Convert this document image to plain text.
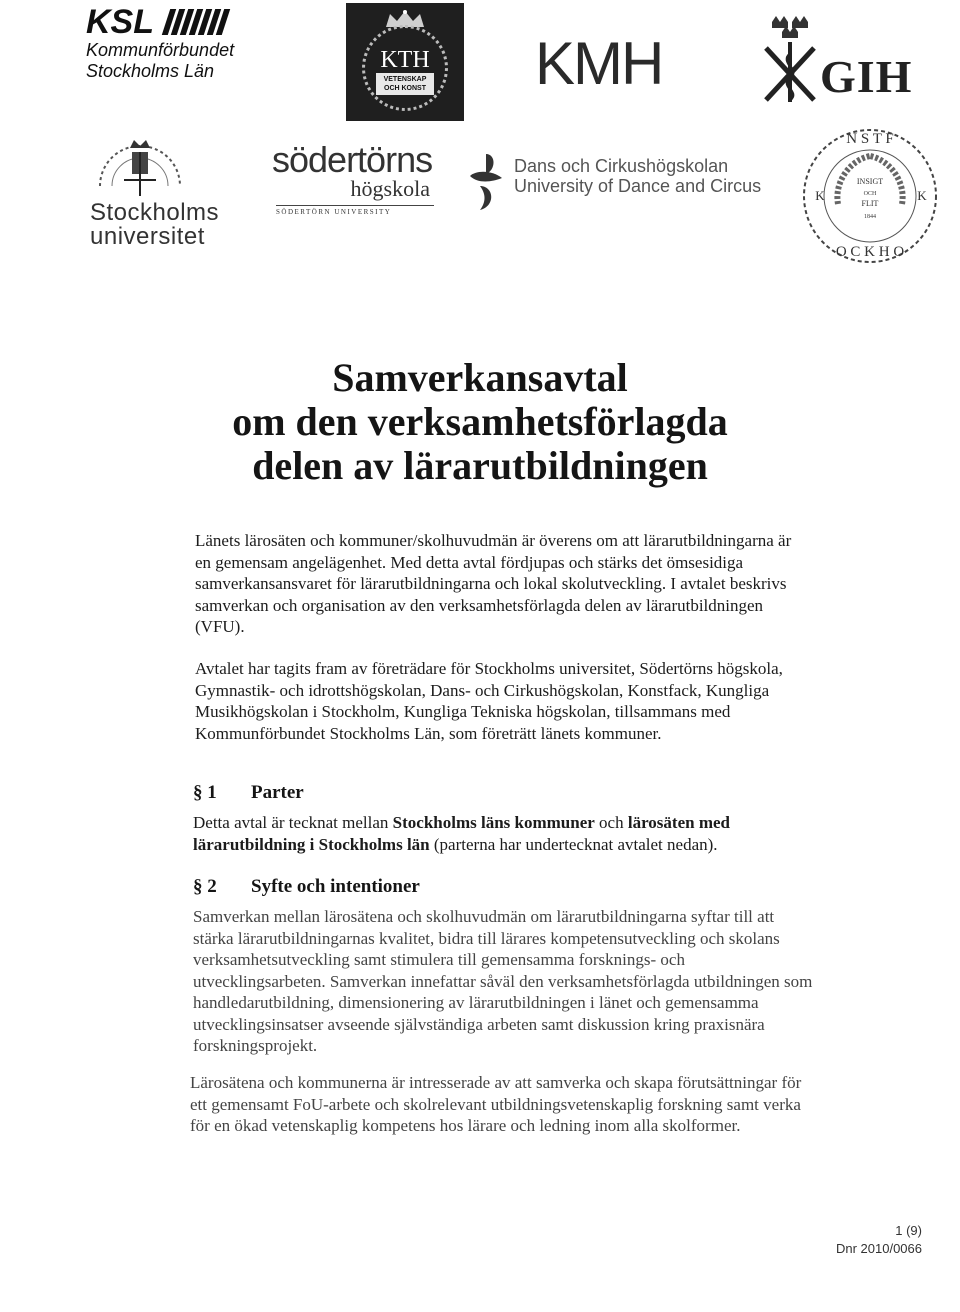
KSL
Kommunförbundet
Stockholms Län	KTH
VETENSKAP
OCH KONST KMH	GIH
Stockholms
universitet
södertörns
högskola
SÖDERTÖRN UNIVERSITY
Dans och Cirkushögskolan
University of Dance and Circus
N S T F
K	K
O C K H O
INSIGT
OCH
FLIT
1844
Samverkansavtal
om den verksamhetsförlagda
delen av lärarutbildningen
Länets lärosäten och kommuner/skolhuvudmän är överens om att lärarutbildningarna är en gemensam angelägenhet. Med detta avtal fördjupas och stärks det ömsesidiga samverkansansvaret för lärarutbildningarna och lokal skolutveckling. I avtalet beskrivs samverkan och organisation av den verksamhetsförlagda delen av lärarutbildningen (VFU).
Avtalet har tagits fram av företrädare för Stockholms universitet, Södertörns högskola, Gymnastik- och idrottshögskolan, Dans- och Cirkushögskolan, Konstfack, Kungliga Musikhögskolan i Stockholm, Kungliga Tekniska högskolan, tillsammans med Kommunförbundet Stockholms Län, som företrätt länets kommuner.
§ 1 Parter
Detta avtal är tecknat mellan Stockholms läns kommuner och lärosäten med lärarutbildning i Stockholms län (parterna har undertecknat avtalet nedan).
§ 2 Syfte och intentioner
Samverkan mellan lärosätena och skolhuvudmän om lärarutbildningarna syftar till att stärka lärarutbildningarnas kvalitet, bidra till lärares kompetensutveckling och skolans verksamhetsutveckling samt stimulera till gemensamma forsknings- och utvecklingsarbeten. Samverkan innefattar såväl den verksamhetsförlagda utbildningen som handledarutbildning, dimensionering av lärarutbildningen i länet och gemensamma utvecklingsinsatser avseende självständiga arbeten samt diskussion kring praxisnära forskningsprojekt.
Lärosätena och kommunerna är intresserade av att samverka och skapa förutsättningar för ett gemensamt FoU-arbete och skolrelevant utbildningsvetenskaplig forskning samt verka för en ökad vetenskaplig kompetens hos lärare och ledning inom alla skolformer.
1 (9)
Dnr 2010/0066
